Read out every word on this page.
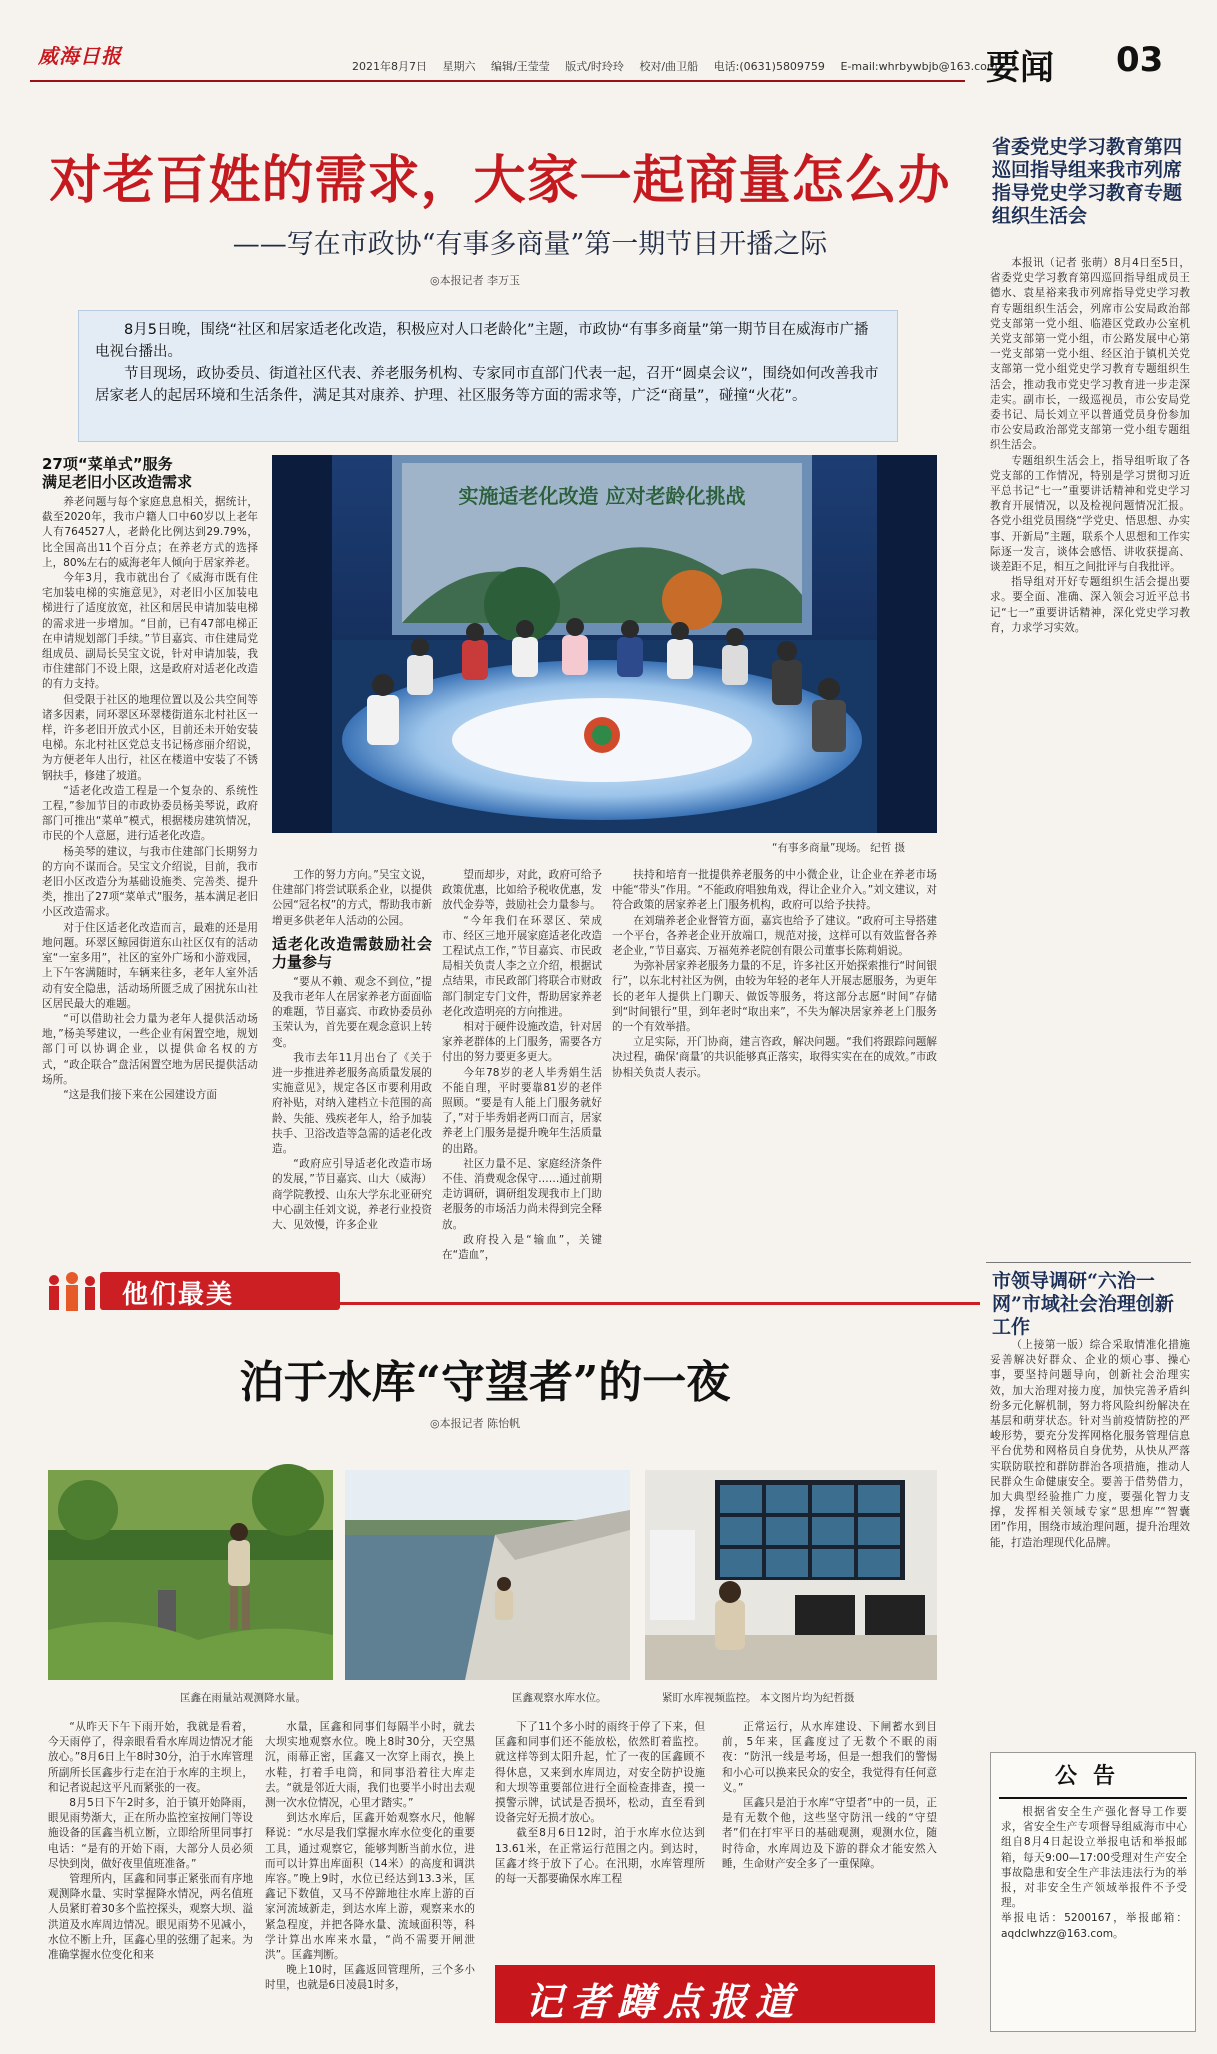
威海日报	2021年8月7日 星期六 编辑/王莹莹 版式/时玲玲 校对/曲卫船 电话:(0631)5809759 E-mail:whrbywbjb@163.com
要闻 03
对老百姓的需求，大家一起商量怎么办
——写在市政协“有事多商量”第一期节目开播之际
◎本报记者 李万玉

8月5日晚，围绕“社区和居家适老化改造，积极应对人口老龄化”主题，市政协“有事多商量”第一期节目在威海市广播电视台播出。

节目现场，政协委员、街道社区代表、养老服务机构、专家同市直部门代表一起，召开“圆桌会议”，围绕如何改善我市居家老人的起居环境和生活条件，满足其对康养、护理、社区服务等方面的需求等，广泛“商量”，碰撞“火花”。

27项“菜单式”服务
满足老旧小区改造需求

养老问题与每个家庭息息相关，据统计，截至2020年，我市户籍人口中60岁以上老年人有764527人，老龄化比例达到29.79%，比全国高出11个百分点；在养老方式的选择上，80%左右的威海老年人倾向于居家养老。

今年3月，我市就出台了《威海市既有住宅加装电梯的实施意见》，对老旧小区加装电梯进行了适度放宽，社区和居民申请加装电梯的需求进一步增加。“目前，已有47部电梯正在申请规划部门手续。”节目嘉宾、市住建局党组成员、副局长吴宝文说，针对申请加装，我市住建部门不设上限，这是政府对适老化改造的有力支持。

但受限于社区的地理位置以及公共空间等诸多因素，同环翠区环翠楼街道东北村社区一样，许多老旧开放式小区，目前还未开始安装电梯。东北村社区党总支书记杨彦丽介绍说，为方便老年人出行，社区在楼道中安装了不锈钢扶手，修建了坡道。

“适老化改造工程是一个复杂的、系统性工程，”参加节目的市政协委员杨美琴说，政府部门可推出“菜单”模式，根据楼房建筑情况，市民的个人意愿，进行适老化改造。

杨美琴的建议，与我市住建部门长期努力的方向不谋而合。吴宝文介绍说，目前，我市老旧小区改造分为基础设施类、完善类、提升类，推出了27项“菜单式”服务，基本满足老旧小区改造需求。

对于住区适老化改造而言，最难的还是用地问题。环翠区鲸园街道东山社区仅有的活动室“一室多用”，社区的室外广场和小游戏园，上下午客满随时，车辆来往多，老年人室外活动有安全隐患，活动场所匮乏成了困扰东山社区居民最大的难题。

“可以借助社会力量为老年人提供活动场地，”杨美琴建议，一些企业有闲置空地，规划部门可以协调企业，以提供命名权的方式，“政企联合”盘活闲置空地为居民提供活动场所。

“这是我们接下来在公园建设方面

实施适老化改造 应对老龄化挑战
“有事多商量”现场。 纪哲 摄

工作的努力方向。”吴宝文说，住建部门将尝试联系企业，以提供公园“冠名权”的方式，帮助我市新增更多供老年人活动的公园。

适老化改造需鼓励社会力量参与

“要从不赖、观念不到位，”提及我市老年人在居家养老方面面临的难题，节目嘉宾、市政协委员孙玉荣认为，首先要在观念意识上转变。

我市去年11月出台了《关于进一步推进养老服务高质量发展的实施意见》，规定各区市要利用政府补贴，对纳入建档立卡范围的高龄、失能、残疾老年人，给予加装扶手、卫浴改造等急需的适老化改造。

“政府应引导适老化改造市场的发展，”节目嘉宾、山大（威海）商学院教授、山东大学东北亚研究中心副主任刘文说，养老行业投资大、见效慢，许多企业

望而却步，对此，政府可给予政策优惠，比如给予税收优惠，发放代金券等，鼓励社会力量参与。

“今年我们在环翠区、荣成市、经区三地开展家庭适老化改造工程试点工作，”节目嘉宾、市民政局相关负责人李之立介绍，根据试点结果，市民政部门将联合市财政部门制定专门文件，帮助居家养老老化改造明亮的方向推进。

相对于硬件设施改造，针对居家养老群体的上门服务，需要各方付出的努力要更多更大。

今年78岁的老人毕秀娟生活不能自理，平时要靠81岁的老伴照顾。“要是有人能上门服务就好了，”对于毕秀娟老两口而言，居家养老上门服务是提升晚年生活质量的出路。

社区力量不足、家庭经济条件不佳、消费观念保守……通过前期走访调研，调研组发现我市上门助老服务的市场活力尚未得到完全释放。

政府投入是“输血”，关键在“造血”，

扶持和培育一批提供养老服务的中小微企业，让企业在养老市场中能“带头”作用。“不能政府唱独角戏，得让企业介入。”刘文建议，对符合政策的居家养老上门服务机构，政府可以给予扶持。

在刘瑞养老企业督管方面，嘉宾也给予了建议。“政府可主导搭建一个平台，各养老企业开放端口，规范对接，这样可以有效监督各养老企业，”节目嘉宾、万福苑养老院创有限公司董事长陈莉娟说。

为弥补居家养老服务力量的不足，许多社区开始探索推行“时间银行”，以东北村社区为例，由较为年轻的老年人开展志愿服务，为更年长的老年人提供上门聊天、做饭等服务，将这部分志愿“时间”存储到“时间银行”里，到年老时“取出来”，不失为解决居家养老上门服务的一个有效举措。

立足实际，开门协商，建言咨政，解决问题。“我们将跟踪问题解决过程，确保‘商量’的共识能够真正落实，取得实实在在的成效。”市政协相关负责人表示。

省委党史学习教育第四巡回指导组来我市列席指导党史学习教育专题组织生活会

本报讯（记者 张萌）8月4日至5日，省委党史学习教育第四巡回指导组成员王德水、袁星裕来我市列席指导党史学习教育专题组织生活会，列席市公安局政治部党支部第一党小组、临港区党政办公室机关党支部第一党小组，市公路发展中心第一党支部第一党小组、经区泊于镇机关党支部第一党小组党史学习教育专题组织生活会，推动我市党史学习教育进一步走深走实。副市长，一级巡视员，市公安局党委书记、局长刘立平以普通党员身份参加市公安局政治部党支部第一党小组专题组织生活会。

专题组织生活会上，指导组听取了各党支部的工作情况，特别是学习贯彻习近平总书记“七一”重要讲话精神和党史学习教育开展情况，以及检视问题情况汇报。各党小组党员围绕“学党史、悟思想、办实事、开新局”主题，联系个人思想和工作实际逐一发言，谈体会感悟、讲收获提高、谈差距不足，相互之间批评与自我批评。

指导组对开好专题组织生活会提出要求。要全面、准确、深入领会习近平总书记“七一”重要讲话精神，深化党史学习教育，力求学习实效。

市领导调研“六治一网”市域社会治理创新工作

（上接第一版）综合采取情准化措施妥善解决好群众、企业的烦心事、操心事，要坚持问题导向，创新社会治理实效，加大治理对接力度，加快完善矛盾纠纷多元化解机制，努力将风险纠纷解决在基层和萌芽状态。针对当前疫情防控的严峻形势，要充分发挥网格化服务管理信息平台优势和网格员自身优势，从快从严落实联防联控和群防群治各项措施，推动人民群众生命健康安全。要善于借势借力，加大典型经验推广力度，要强化智力支撑，发挥相关领域专家“思想库”“智囊团”作用，围绕市域治理问题，提升治理效能，打造治理现代化品牌。

公告

根据省安全生产强化督导工作要求，省安全生产专项督导组威海市中心组自8月4日起设立举报电话和举报邮箱，每天9:00—17:00受理对生产安全事故隐患和安全生产非法违法行为的举报，对非安全生产领域举报件不予受理。

举报电话：5200167，举报邮箱：aqdclwhzz@163.com。

他们最美
泊于水库“守望者”的一夜
◎本报记者 陈怡帆
匡鑫在雨量站观测降水量。	匡鑫观察水库水位。	紧盯水库视频监控。 本文图片均为纪哲摄

“从昨天下午下雨开始，我就是看着，今天雨停了，得亲眼看看水库周边情况才能放心。”8月6日上午8时30分，泊于水库管理所副所长匡鑫步行走在泊于水库的主坝上，和记者说起这平凡而紧张的一夜。

8月5日下午2时多，泊于镇开始降雨，眼见雨势渐大，正在所办监控室按闸门等设施设备的匡鑫当机立断，立即给所里同事打电话：“是有的开始下雨，大部分人员必须尽快到岗，做好夜里值班准备。”

管理所内，匡鑫和同事正紧张而有序地观测降水量、实时掌握降水情况，两名值班人员紧盯着30多个监控探头，观察大坝、溢洪道及水库周边情况。眼见雨势不见减小，水位不断上升，匡鑫心里的弦绷了起来。为准确掌握水位变化和来

水量，匡鑫和同事们每隔半小时，就去大坝实地观察水位。晚上8时30分，天空黑沉，雨幕正密，匡鑫又一次穿上雨衣，换上水鞋，打着手电筒，和同事沿着往大库走去。“就是邻近大雨，我们也要半小时出去观测一次水位情况，心里才踏实。”

到达水库后，匡鑫开始观察水尺，他解释说：“水尽是我们掌握水库水位变化的重要工具，通过观察它，能够判断当前水位，进而可以计算出库面积（14米）的高度和调洪库容。”晚上9时，水位已经达到13.3米，匡鑫记下数值，又马不停蹄地往水库上游的百家河流域新走，到达水库上游，观察来水的紧急程度，并把各降水量、流域面积等，科学计算出水库来水量，“尚不需要开闸泄洪”。匡鑫判断。

晚上10时，匡鑫返回管理所，三个多小时里，也就是6日凌晨1时多，

下了11个多小时的雨终于停了下来，但匡鑫和同事们还不能放松，依然盯着监控。就这样等到太阳升起，忙了一夜的匡鑫顾不得休息，又来到水库周边，对安全防护设施和大坝等重要部位进行全面检查排查，摸一摸警示牌，试试是否损坏，松动，直至看到设备完好无损才放心。

截至8月6日12时，泊于水库水位达到13.61米，在正常运行范围之内。到达时，匡鑫才终于放下了心。在汛期，水库管理所的每一天都要确保水库工程

正常运行，从水库建设、下闸蓄水到目前，5年来，匡鑫度过了无数个不眠的雨夜：“防汛一线是考场，但是一想我们的警惕和小心可以换来民众的安全，我觉得有任何意义。”

匡鑫只是泊于水库“守望者”中的一员，正是有无数个他，这些坚守防汛一线的“守望者”们在打牢平日的基础观测，观测水位，随时待命，水库周边及下游的群众才能安然入睡，生命财产安全多了一重保障。

记者蹲点报道
